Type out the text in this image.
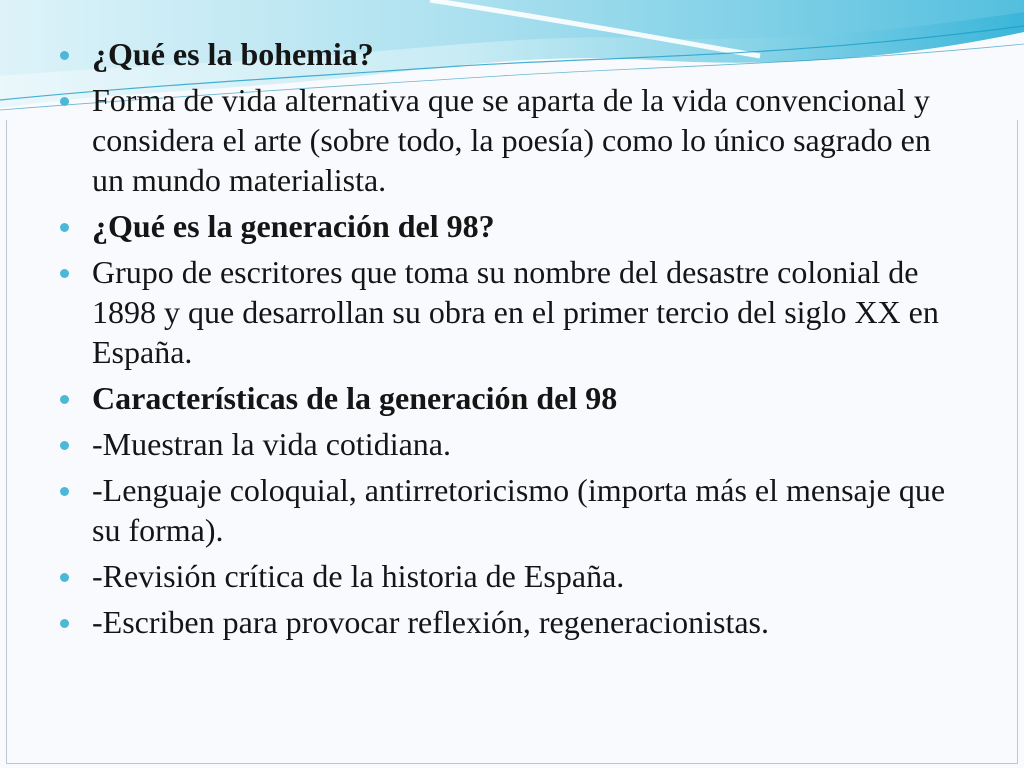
¿Qué es la bohemia?
Forma de vida alternativa que se aparta de la vida convencional y considera el arte (sobre todo, la poesía) como lo único sagrado en un mundo materialista.
¿Qué es la generación del 98?
Grupo de escritores que toma su nombre del desastre colonial de 1898 y que desarrollan su obra en el primer tercio del siglo XX en España.
Características de la generación del 98
-Muestran la vida cotidiana.
-Lenguaje coloquial, antirretoricismo (importa más el mensaje que su forma).
-Revisión crítica de la historia de España.
-Escriben para provocar reflexión, regeneracionistas.
